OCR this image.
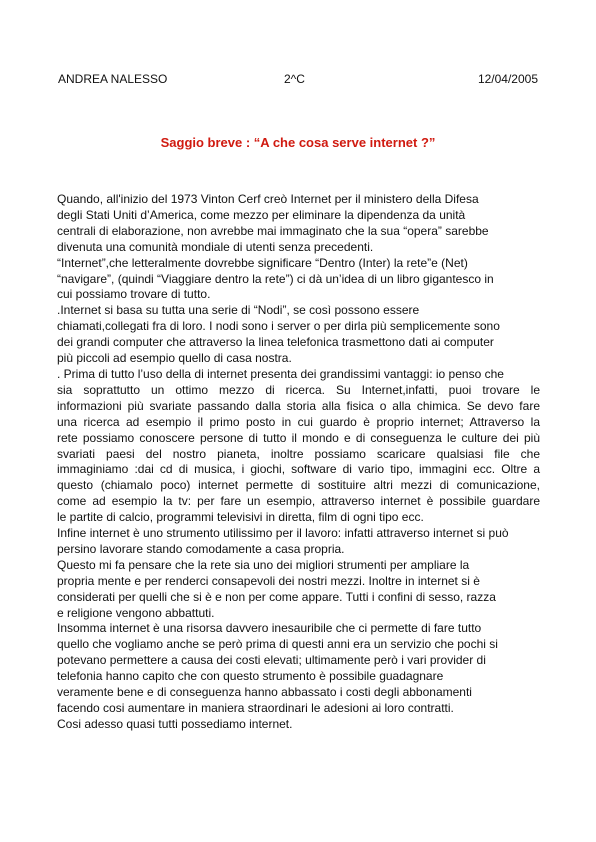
ANDREA NALESSO	2^C	12/04/2005
Saggio breve : “A che cosa serve internet ?”
Quando, all'inizio del 1973 Vinton Cerf creò Internet per il ministero della Difesa
degli Stati Uniti d’America, come mezzo per eliminare la dipendenza da unità
centrali di elaborazione, non avrebbe mai immaginato che la sua “opera” sarebbe
divenuta una comunità mondiale di utenti senza precedenti.
“Internet”,che letteralmente dovrebbe significare “Dentro (Inter) la rete”e (Net)
“navigare”, (quindi “Viaggiare dentro la rete”) ci dà un’idea di un libro gigantesco in
cui possiamo trovare di tutto.
.Internet si basa su tutta una serie di “Nodi”, se così possono essere
chiamati,collegati fra di loro. I nodi sono i server o per dirla più semplicemente sono
dei grandi computer che attraverso la linea telefonica trasmettono dati ai computer
più piccoli ad esempio quello di casa nostra.
. Prima di tutto l’uso della di internet presenta dei grandissimi vantaggi: io penso che
sia soprattutto un ottimo mezzo di ricerca. Su Internet,infatti, puoi trovare le
informazioni più svariate passando dalla storia alla fisica o alla chimica. Se devo fare
una ricerca ad esempio il primo posto in cui guardo è proprio internet; Attraverso la
rete possiamo conoscere persone di tutto il mondo e di conseguenza le culture dei più
svariati paesi del nostro pianeta, inoltre possiamo scaricare qualsiasi file che
immaginiamo :dai cd di musica, i giochi, software di vario tipo, immagini ecc. Oltre a
questo (chiamalo poco) internet permette di sostituire altri mezzi di comunicazione,
come ad esempio la tv: per fare un esempio, attraverso internet è possibile guardare
le partite di calcio, programmi televisivi in diretta, film di ogni tipo ecc.
Infine internet è uno strumento utilissimo per il lavoro: infatti attraverso internet si può
persino lavorare stando comodamente a casa propria.
Questo mi fa pensare che la rete sia uno dei migliori strumenti per ampliare la
propria mente e per renderci consapevoli dei nostri mezzi. Inoltre in internet si è
considerati per quelli che si è e non per come appare. Tutti i confini di sesso, razza
e religione vengono abbattuti.
Insomma internet è una risorsa davvero inesauribile che ci permette di fare tutto
quello che vogliamo anche se però prima di questi anni era un servizio che pochi si
potevano permettere a causa dei costi elevati; ultimamente però i vari provider di
telefonia hanno capito che con questo strumento è possibile guadagnare
veramente bene e di conseguenza hanno abbassato i costi degli abbonamenti
facendo cosi aumentare in maniera straordinari le adesioni ai loro contratti.
Cosi adesso quasi tutti possediamo internet.
